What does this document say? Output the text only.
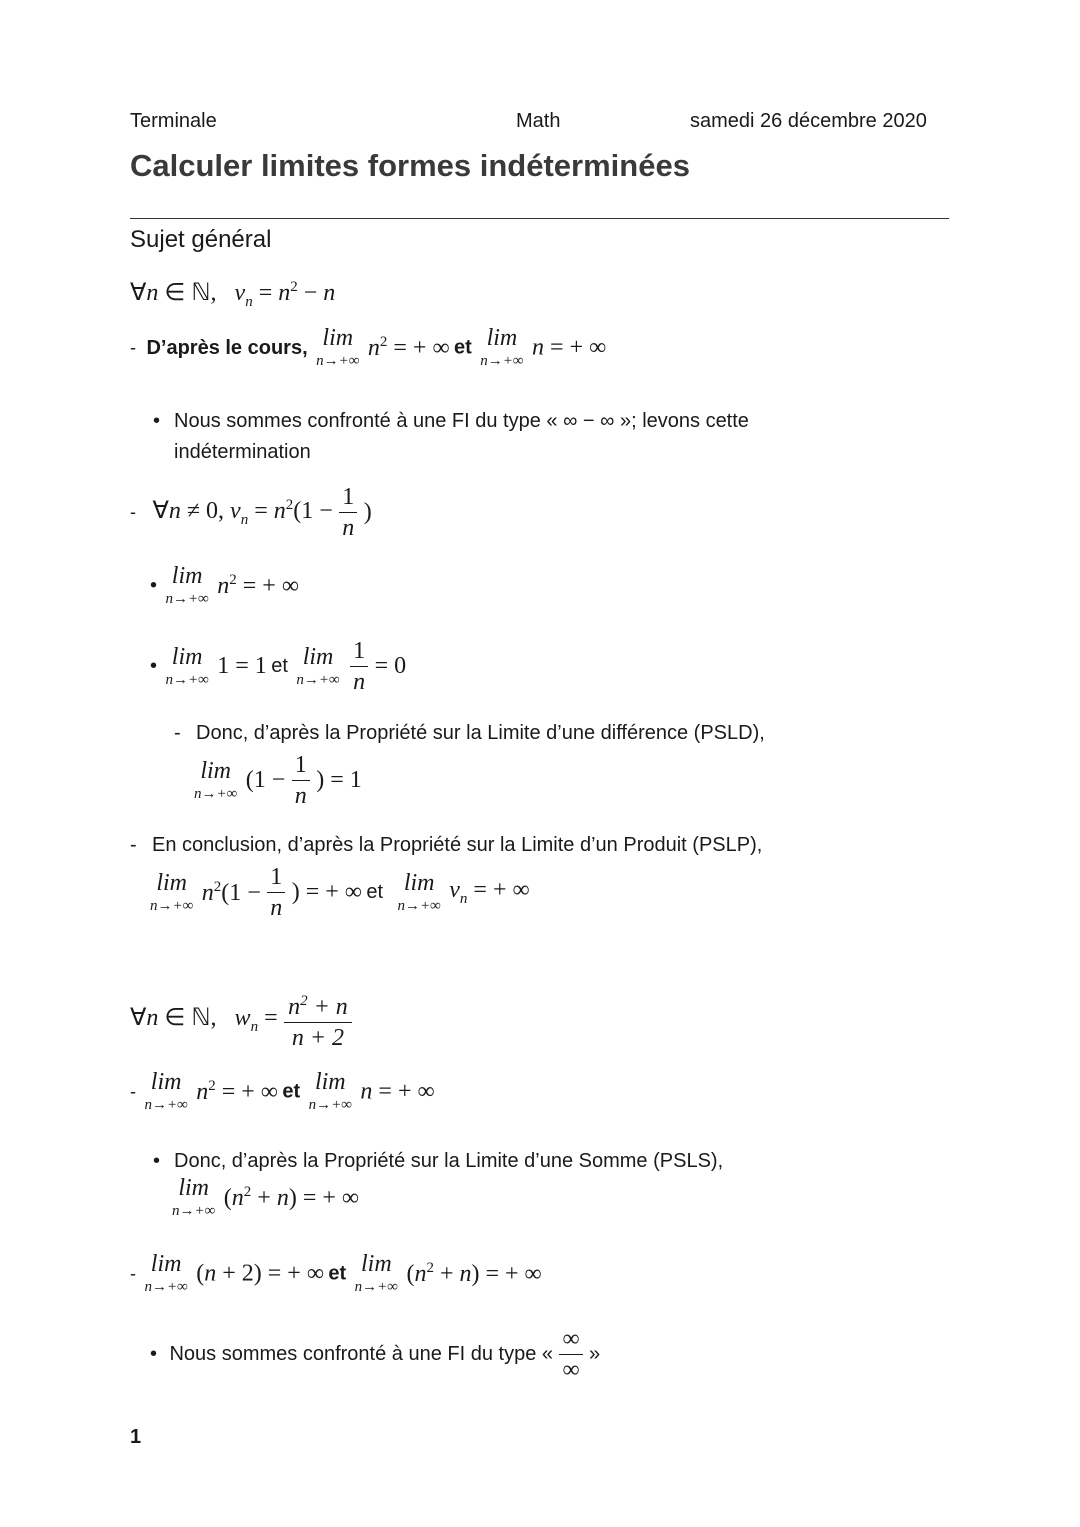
Terminale	Math	samedi 26 décembre 2020
Calculer limites formes indéterminées
Sujet général
∀n ∈ ℕ,   $v_n = n^2 - n$
- D’après le cours, lim
n→+∞ $n^2$ = + ∞ et lim
n→+∞
n = + ∞
• Nous sommes confronté à une FI du type « ∞ − ∞ »; levons cette
indétermination
- ∀n ≠ 0, $v_n = n^2(1 - \frac{1}{n}$ )
• lim
n→+∞ $n^2$ = + ∞
• lim
n→+∞
1 = 1 et lim
n→+∞
$\frac{1}{n} = 0$
- Donc, d’après la Propriété sur la Limite d’une différence (PSLD),
lim
n→+∞
($1 - \frac{1}{n}$ ) = 1
- En conclusion, d’après la Propriété sur la Limite d’un Produit (PSLP),
lim
n→+∞ $n^2(1 - \frac{1}{n}$ ) = + ∞ et lim
n→+∞
$v_n$ = + ∞
∀n ∈ ℕ,   $w_n = \frac{n^2 + n}{n + 2}$
- lim
n→+∞ $n^2$ = + ∞ et lim
n→+∞
n = + ∞
• Donc, d’après la Propriété sur la Limite d’une Somme (PSLS),
lim
n→+∞ $(n^2 + n)$ = + ∞
- lim
n→+∞
(n + 2) = + ∞ et lim
n→+∞ $(n^2 + n)$ = + ∞
• Nous sommes confronté à une FI du type « $\frac{\infty}{\infty}$ »
1
